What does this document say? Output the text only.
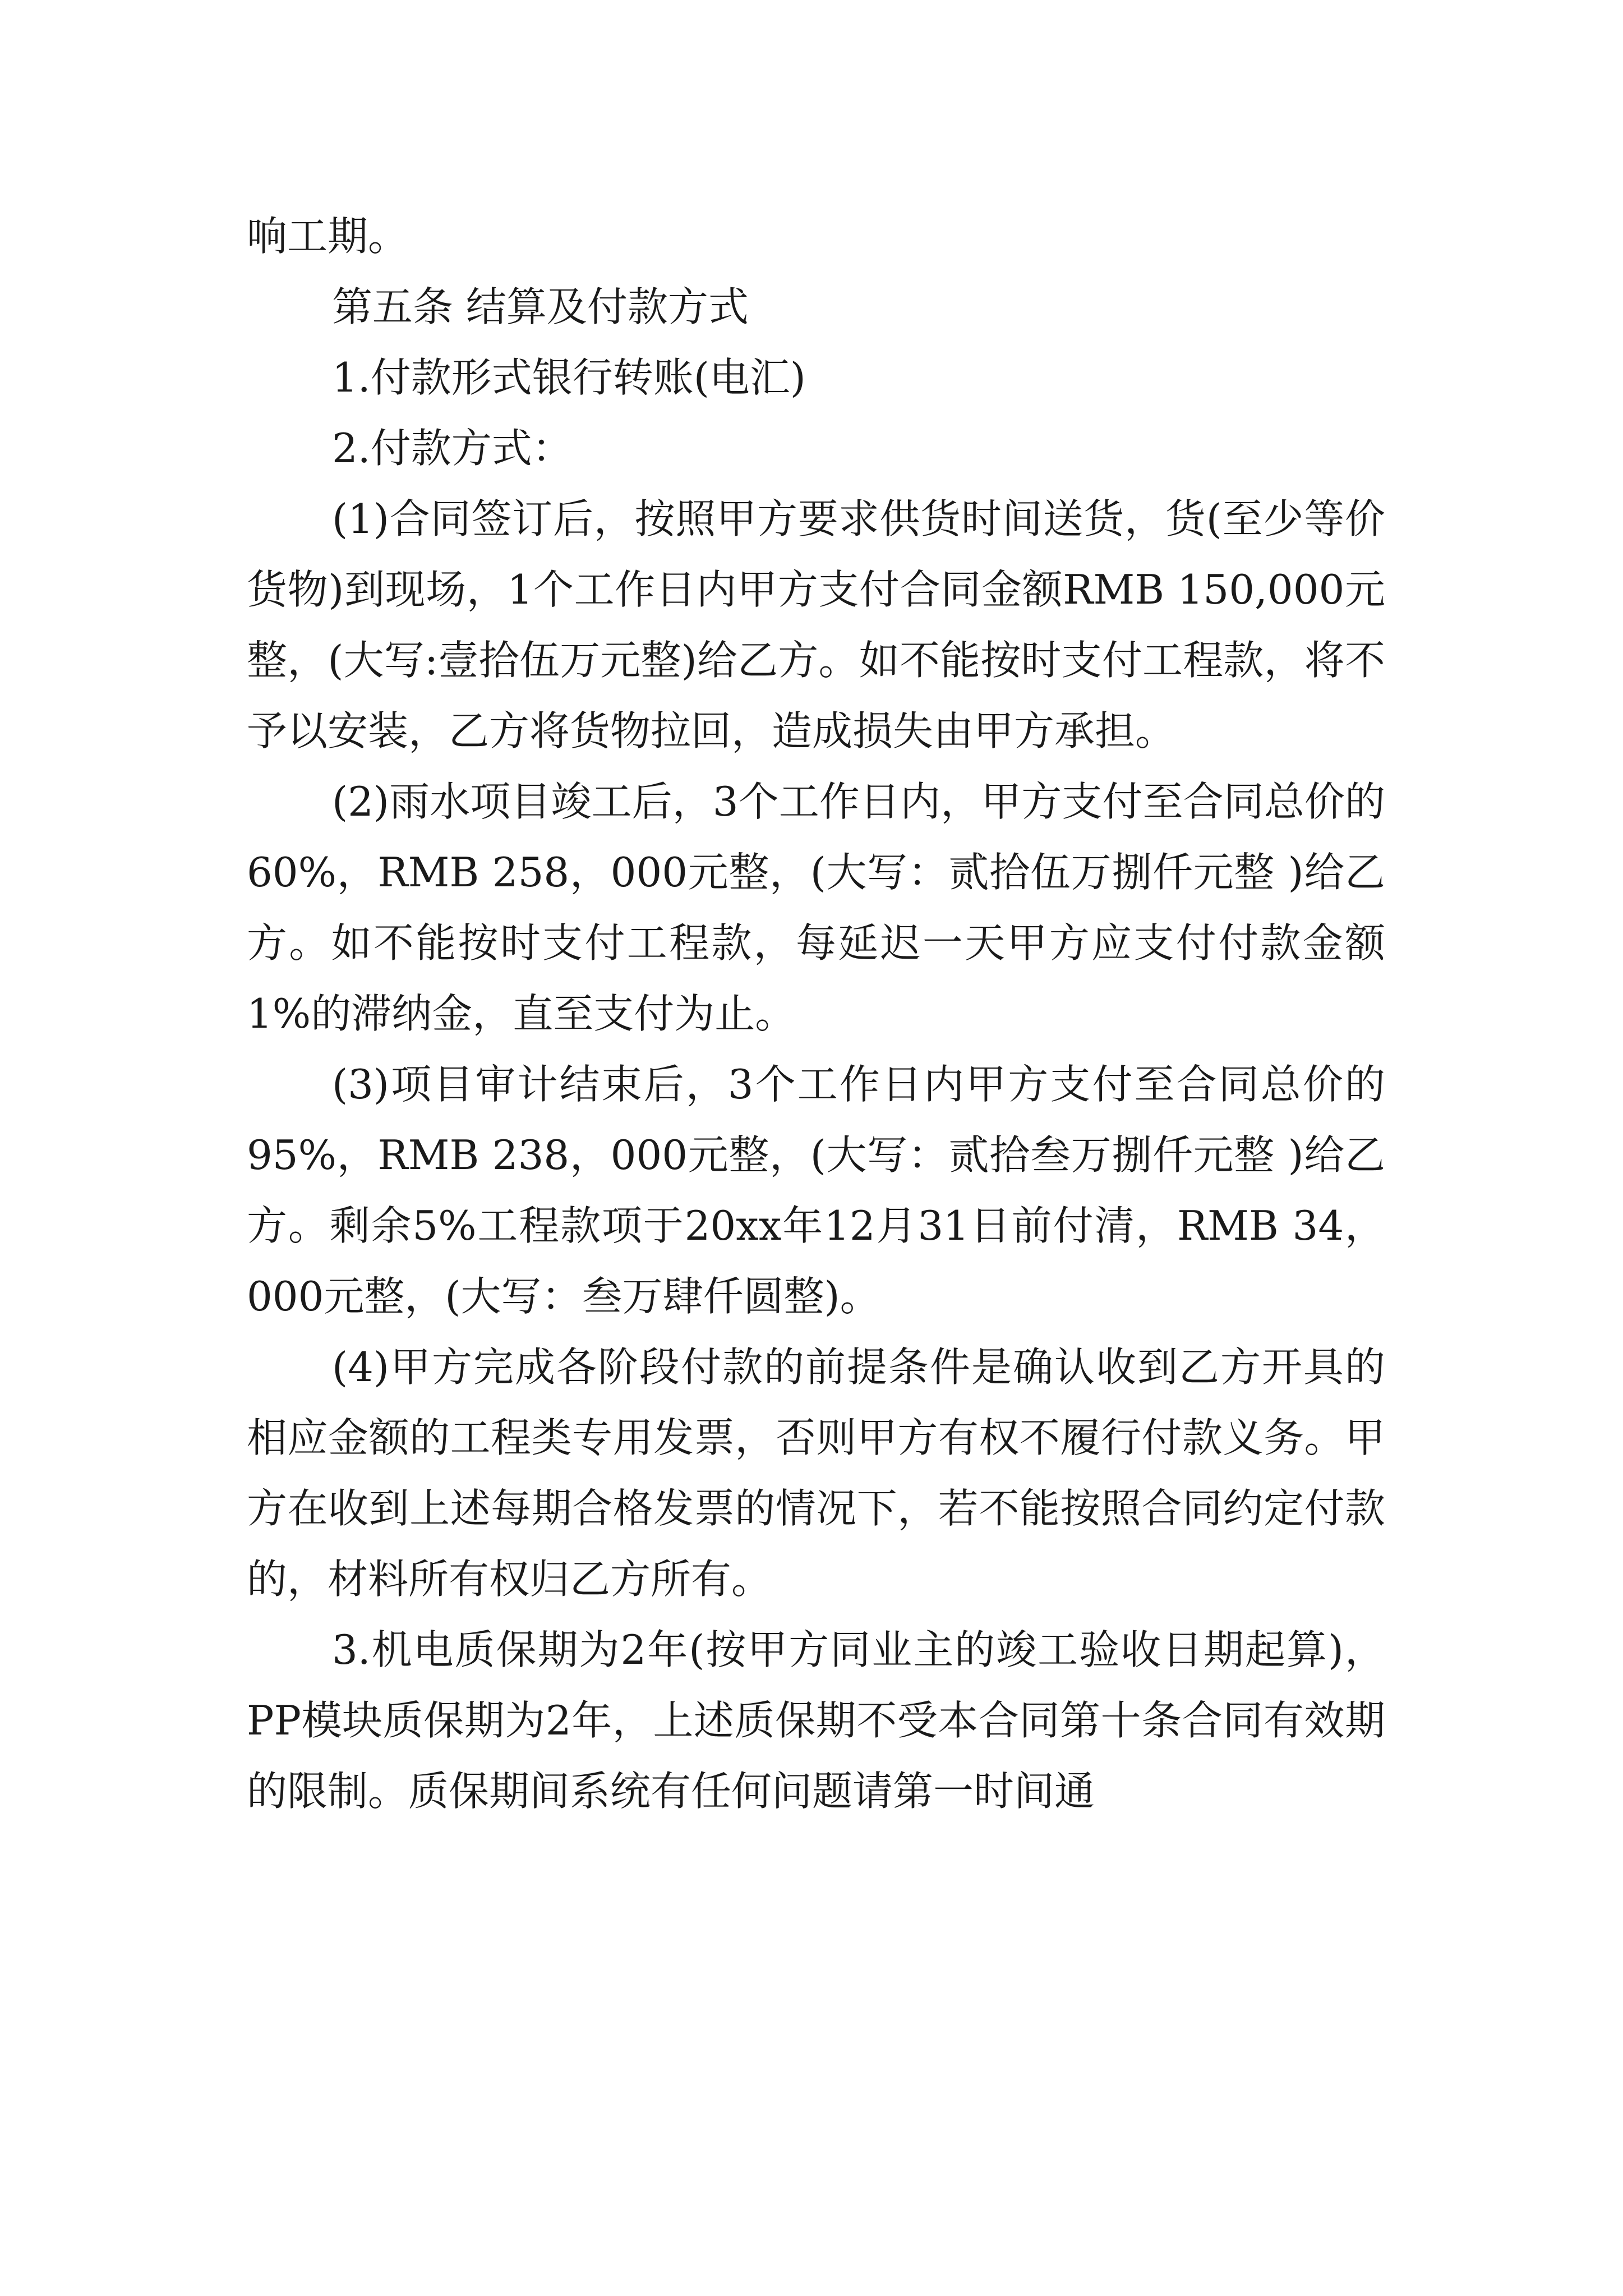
响工期。

第五条 结算及付款方式

1.付款形式银行转账(电汇)

2.付款方式：

(1)合同签订后，按照甲方要求供货时间送货，货(至少等价货物)到现场，1个工作日内甲方支付合同金额RMB 150,000元整，(大写:壹拾伍万元整)给乙方。如不能按时支付工程款，将不予以安装，乙方将货物拉回，造成损失由甲方承担。

(2)雨水项目竣工后，3个工作日内，甲方支付至合同总价的60%，RMB 258，000元整，(大写：贰拾伍万捌仟元整 )给乙方。如不能按时支付工程款，每延迟一天甲方应支付付款金额1%的滞纳金，直至支付为止。

(3)项目审计结束后，3个工作日内甲方支付至合同总价的95%，RMB 238，000元整，(大写：贰拾叁万捌仟元整 )给乙方。剩余5%工程款项于20xx年12月31日前付清，RMB 34，000元整，(大写：叁万肆仟圆整)。

(4)甲方完成各阶段付款的前提条件是确认收到乙方开具的相应金额的工程类专用发票，否则甲方有权不履行付款义务。甲方在收到上述每期合格发票的情况下，若不能按照合同约定付款的，材料所有权归乙方所有。

3.机电质保期为2年(按甲方同业主的竣工验收日期起算)，PP模块质保期为2年，上述质保期不受本合同第十条合同有效期的限制。质保期间系统有任何问题请第一时间通
